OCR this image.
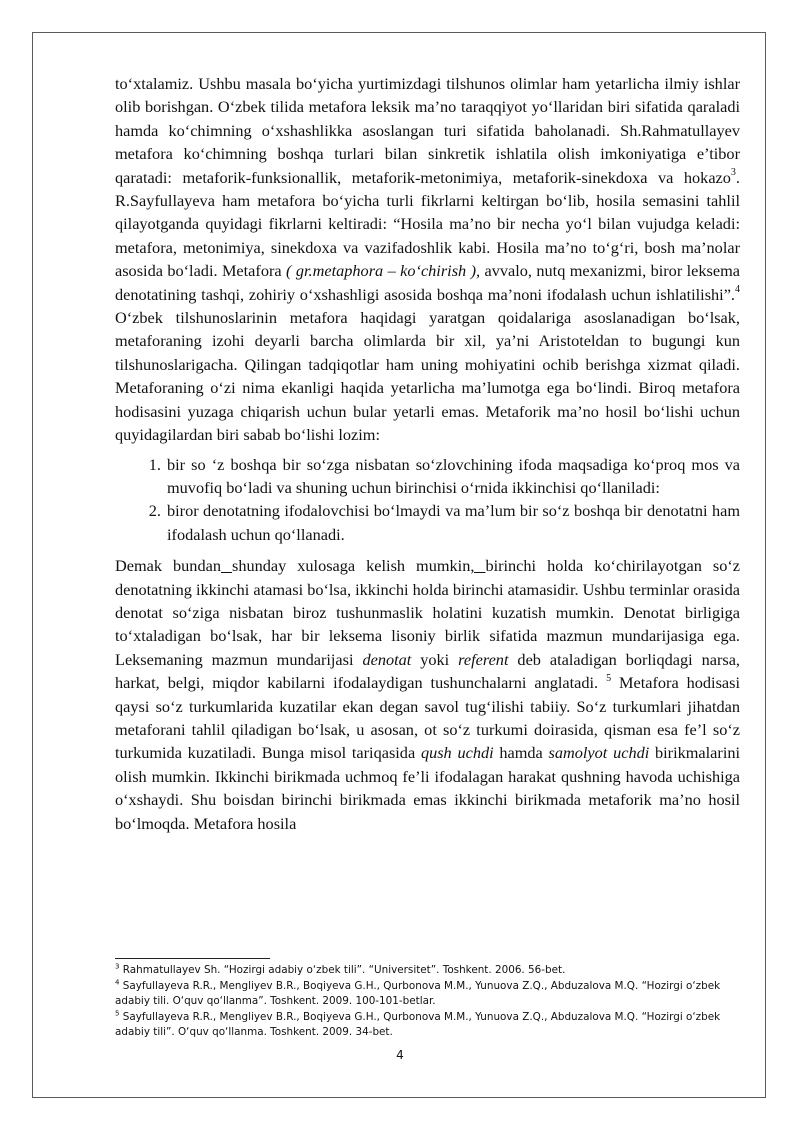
to‘xtalamiz. Ushbu masala bo‘yicha yurtimizdagi tilshunos olimlar ham yetarlicha ilmiy ishlar olib borishgan. O‘zbek tilida metafora leksik ma’no taraqqiyot yo‘llaridan biri sifatida qaraladi hamda ko‘chimning o‘xshashlikka asoslangan turi sifatida baholanadi. Sh.Rahmatullayev metafora ko‘chimning boshqa turlari bilan sinkretik ishlatila olish imkoniyatiga e’tibor qaratadi: metaforik-funksionallik, metaforik-metonimiya, metaforik-sinekdoxa va hokazo$^3$. R.Sayfullayeva ham metafora bo‘yicha turli fikrlarni keltirgan bo‘lib, hosila semasini tahlil qilayotganda quyidagi fikrlarni keltiradi: “Hosila ma’no bir necha yo‘l bilan vujudga keladi: metafora, metonimiya, sinekdoxa va vazifadoshlik kabi. Hosila ma’no to‘g‘ri, bosh ma’nolar asosida bo‘ladi. Metafora ( gr.metaphora – ko‘chirish ), avvalo, nutq mexanizmi, biror leksema denotatining tashqi, zohiriy o‘xshashligi asosida boshqa ma’noni ifodalash uchun ishlatilishi”.$^4$ O‘zbek tilshunoslarinin metafora haqidagi yaratgan qoidalariga asoslanadigan bo‘lsak, metaforaning izohi deyarli barcha olimlarda bir xil, ya’ni Aristoteldan to bugungi kun tilshunoslarigacha. Qilingan tadqiqotlar ham uning mohiyatini ochib berishga xizmat qiladi. Metaforaning o‘zi nima ekanligi haqida yetarlicha ma’lumotga ega bo‘lindi. Biroq metafora hodisasini yuzaga chiqarish uchun bular yetarli emas. Metaforik ma’no hosil bo‘lishi uchun quyidagilardan biri sabab bo‘lishi lozim:

1. bir so ‘z boshqa bir so‘zga nisbatan so‘zlovchining ifoda maqsadiga ko‘proq mos va muvofiq bo‘ladi va shuning uchun birinchisi o‘rnida ikkinchisi qo‘llaniladi:
2. biror denotatning ifodalovchisi bo‘lmaydi va ma’lum bir so‘z boshqa bir denotatni ham ifodalash uchun qo‘llanadi.

Demak bundan shunday xulosaga kelish mumkin, birinchi holda ko‘chirilayotgan so‘z denotatning ikkinchi atamasi bo‘lsa, ikkinchi holda birinchi atamasidir. Ushbu terminlar orasida denotat so‘ziga nisbatan biroz tushunmaslik holatini kuzatish mumkin. Denotat birligiga to‘xtaladigan bo‘lsak, har bir leksema lisoniy birlik sifatida mazmun mundarijasiga ega. Leksemaning mazmun mundarijasi denotat yoki referent deb ataladigan borliqdagi narsa, harkat, belgi, miqdor kabilarni ifodalaydigan tushunchalarni anglatadi. $^5$ Metafora hodisasi qaysi so‘z turkumlarida kuzatilar ekan degan savol tug‘ilishi tabiiy. So‘z turkumlari jihatdan metaforani tahlil qiladigan bo‘lsak, u asosan, ot so‘z turkumi doirasida, qisman esa fe’l so‘z turkumida kuzatiladi. Bunga misol tariqasida qush uchdi hamda samolyot uchdi birikmalarini olish mumkin. Ikkinchi birikmada uchmoq fe’li ifodalagan harakat qushning havoda uchishiga o‘xshaydi. Shu boisdan birinchi birikmada emas ikkinchi birikmada metaforik ma’no hosil bo‘lmoqda. Metafora hosila

$^3$ Rahmatullayev Sh. “Hozirgi adabiy o‘zbek tili”. “Universitet”. Toshkent. 2006. 56-bet.

$^4$ Sayfullayeva R.R., Mengliyev B.R., Boqiyeva G.H., Qurbonova M.M., Yunuova Z.Q., Abduzalova M.Q. “Hozirgi o‘zbek adabiy tili. O‘quv qo‘llanma”. Toshkent. 2009. 100-101-betlar.

$^5$ Sayfullayeva R.R., Mengliyev B.R., Boqiyeva G.H., Qurbonova M.M., Yunuova Z.Q., Abduzalova M.Q. “Hozirgi o‘zbek adabiy tili”. O‘quv qo‘llanma. Toshkent. 2009. 34-bet.

4
